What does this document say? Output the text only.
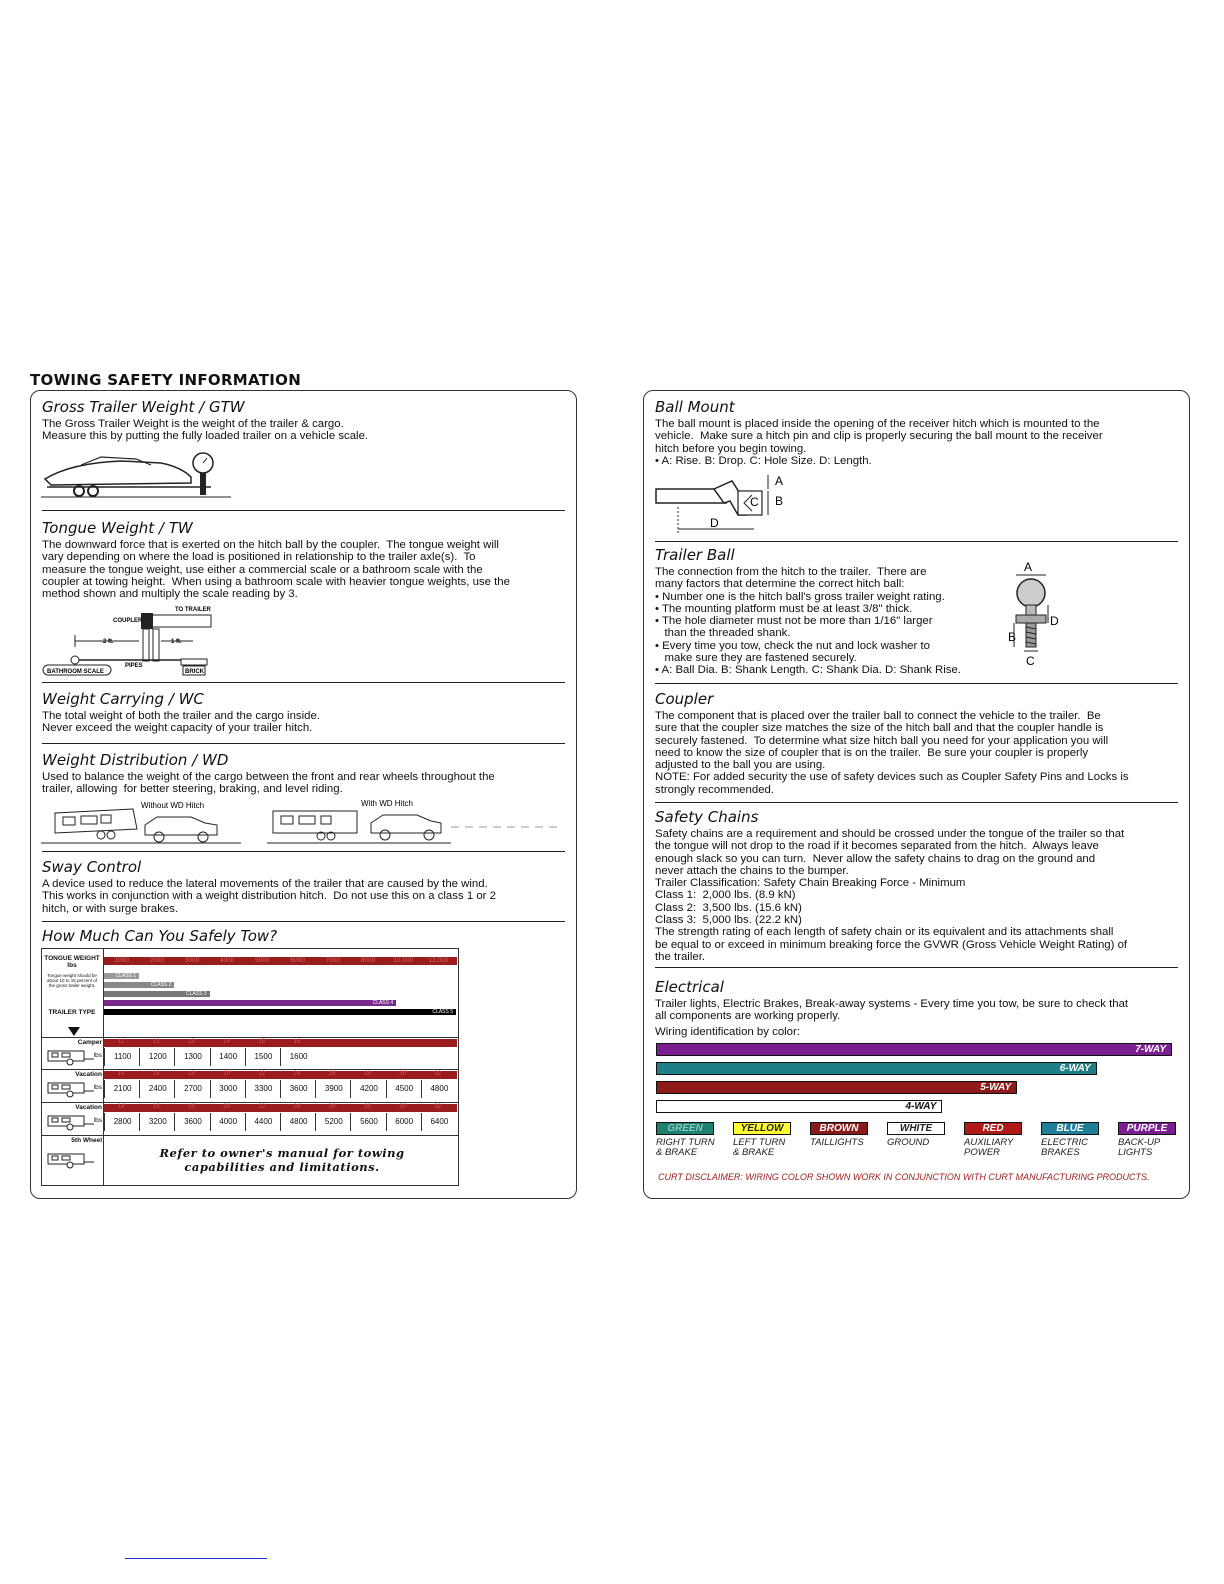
TOWING SAFETY INFORMATION
Gross Trailer Weight / GTW

The Gross Trailer Weight is the weight of the trailer & cargo.
Measure this by putting the fully loaded trailer on a vehicle scale.

Tongue Weight / TW

The downward force that is exerted on the hitch ball by the coupler.  The tongue weight will
vary depending on where the load is positioned in relationship to the trailer axle(s).  To
measure the tongue weight, use either a commercial scale or a bathroom scale with the
coupler at towing height.  When using a bathroom scale with heavier tongue weights, use the
method shown and multiply the scale reading by 3.

TO TRAILER
COUPLER
2 ft.	1 ft.
PIPES
BATHROOM SCALE	BRICK
Weight Carrying / WC

The total weight of both the trailer and the cargo inside.
Never exceed the weight capacity of your trailer hitch.

Weight Distribution / WD

Used to balance the weight of the cargo between the front and rear wheels throughout the
trailer, allowing  for better steering, braking, and level riding.

Without WD Hitch	With WD Hitch
Sway Control

A device used to reduce the lateral movements of the trailer that are caused by the wind.
This works in conjunction with a weight distribution hitch.  Do not use this on a class 1 or 2
hitch, or with surge brakes.

How Much Can You Safely Tow?
TONGUE WEIGHT lbs
Tongue weight should be about 10 to 15 percent of the gross trailer weight.
TRAILER TYPE
1000	2000	3000	4000	5000	6000	7000	8000	10,000	12,000
CLASS 1
CLASS 2
CLASS 3
CLASS 4
CLASS 5
Camper
lbs
11'	12'	13'	14'	15'	16'
1100	1200	1300	1400	1500	1600
Vacation
lbs
14'	16'	18'	20'	22'	24'	26'	28'	30'	32'
2100	2400	2700	3000	3300	3600	3900	4200	4500	4800
Vacation
lbs
14'	16'	18'	20'	22'	24'	26'	28'	30'	32'
2800	3200	3600	4000	4400	4800	5200	5600	6000	6400
5th Wheel
Refer to owner's manual for towing
capabilities and limitations.
Ball Mount

The ball mount is placed inside the opening of the receiver hitch which is mounted to the
vehicle.  Make sure a hitch pin and clip is properly securing the ball mount to the receiver
hitch before you begin towing.
• A: Rise. B: Drop. C: Hole Size. D: Length.

C
A
B
D
Trailer Ball

The connection from the hitch to the trailer.  There are
many factors that determine the correct hitch ball:
• Number one is the hitch ball's gross trailer weight rating.
• The mounting platform must be at least 3/8" thick.
• The hole diameter must not be more than 1/16" larger
than the threaded shank.
• Every time you tow, check the nut and lock washer to
make sure they are fastened securely.
• A: Ball Dia. B: Shank Length. C: Shank Dia. D: Shank Rise.

A
B
D
C
Coupler

The component that is placed over the trailer ball to connect the vehicle to the trailer.  Be
sure that the coupler size matches the size of the hitch ball and that the coupler handle is
securely fastened.  To determine what size hitch ball you need for your application you will
need to know the size of coupler that is on the trailer.  Be sure your coupler is properly
adjusted to the ball you are using.
NOTE: For added security the use of safety devices such as Coupler Safety Pins and Locks is
strongly recommended.

Safety Chains

Safety chains are a requirement and should be crossed under the tongue of the trailer so that
the tongue will not drop to the road if it becomes separated from the hitch.  Always leave
enough slack so you can turn.  Never allow the safety chains to drag on the ground and
never attach the chains to the bumper.
Trailer Classification: Safety Chain Breaking Force - Minimum
Class 1:  2,000 lbs. (8.9 kN)
Class 2:  3,500 lbs. (15.6 kN)
Class 3:  5,000 lbs. (22.2 kN)
The strength rating of each length of safety chain or its equivalent and its attachments shall
be equal to or exceed in minimum breaking force the GVWR (Gross Vehicle Weight Rating) of
the trailer.

Electrical

Trailer lights, Electric Brakes, Break-away systems - Every time you tow, be sure to check that
all components are working properly.

Wiring identification by color:

7-WAY
6-WAY
5-WAY
4-WAY
GREEN
RIGHT TURN
& BRAKE
YELLOW
LEFT TURN
& BRAKE
BROWN
TAILLIGHTS
WHITE
GROUND
RED
AUXILIARY
POWER
BLUE
ELECTRIC
BRAKES
PURPLE
BACK-UP
LIGHTS
CURT DISCLAIMER: WIRING COLOR SHOWN WORK IN CONJUNCTION WITH CURT MANUFACTURING PRODUCTS.
